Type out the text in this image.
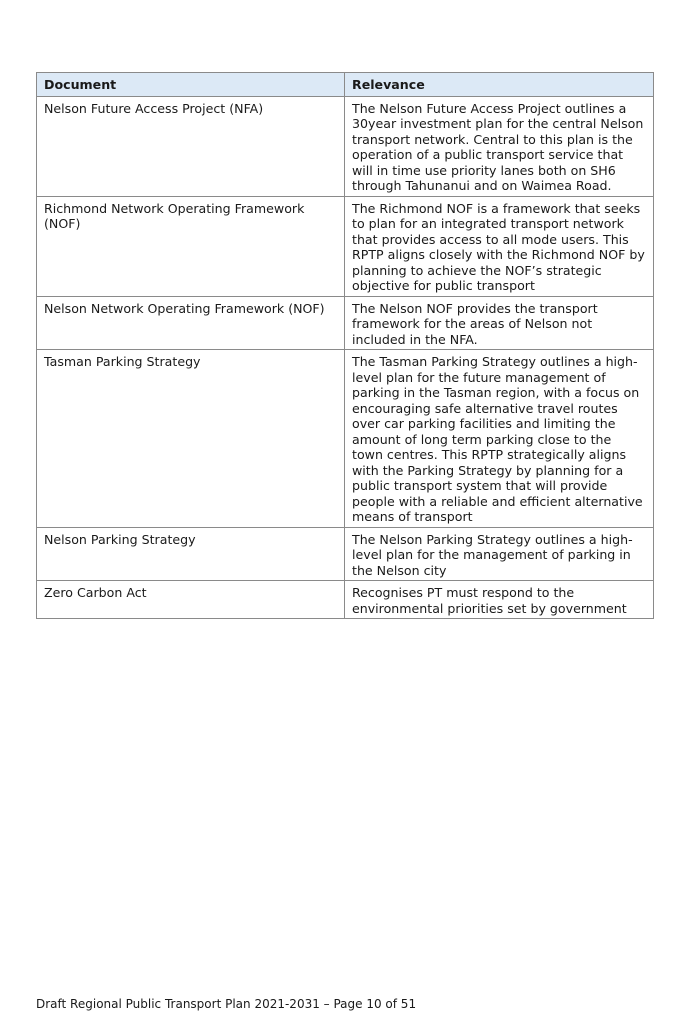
Document	Relevance
Nelson Future Access Project (NFA)	The Nelson Future Access Project outlines a 30year investment plan for the central Nelson transport network. Central to this plan is the operation of a public transport service that will in time use priority lanes both on SH6 through Tahunanui and on Waimea Road.
Richmond Network Operating Framework (NOF)	The Richmond NOF is a framework that seeks to plan for an integrated transport network that provides access to all mode users. This RPTP aligns closely with the Richmond NOF by planning to achieve the NOF’s strategic objective for public transport
Nelson Network Operating Framework (NOF)	The Nelson NOF provides the transport framework for the areas of Nelson not included in the NFA.
Tasman Parking Strategy	The Tasman Parking Strategy outlines a high-level plan for the future management of parking in the Tasman region, with a focus on encouraging safe alternative travel routes over car parking facilities and limiting the amount of long term parking close to the town centres. This RPTP strategically aligns with the Parking Strategy by planning for a public transport system that will provide people with a reliable and efficient alternative means of transport
Nelson Parking Strategy	The Nelson Parking Strategy outlines a high-level plan for the management of parking in the Nelson city
Zero Carbon Act	Recognises PT must respond to the environmental priorities set by government
Draft Regional Public Transport Plan 2021-2031 – Page 10 of 51
